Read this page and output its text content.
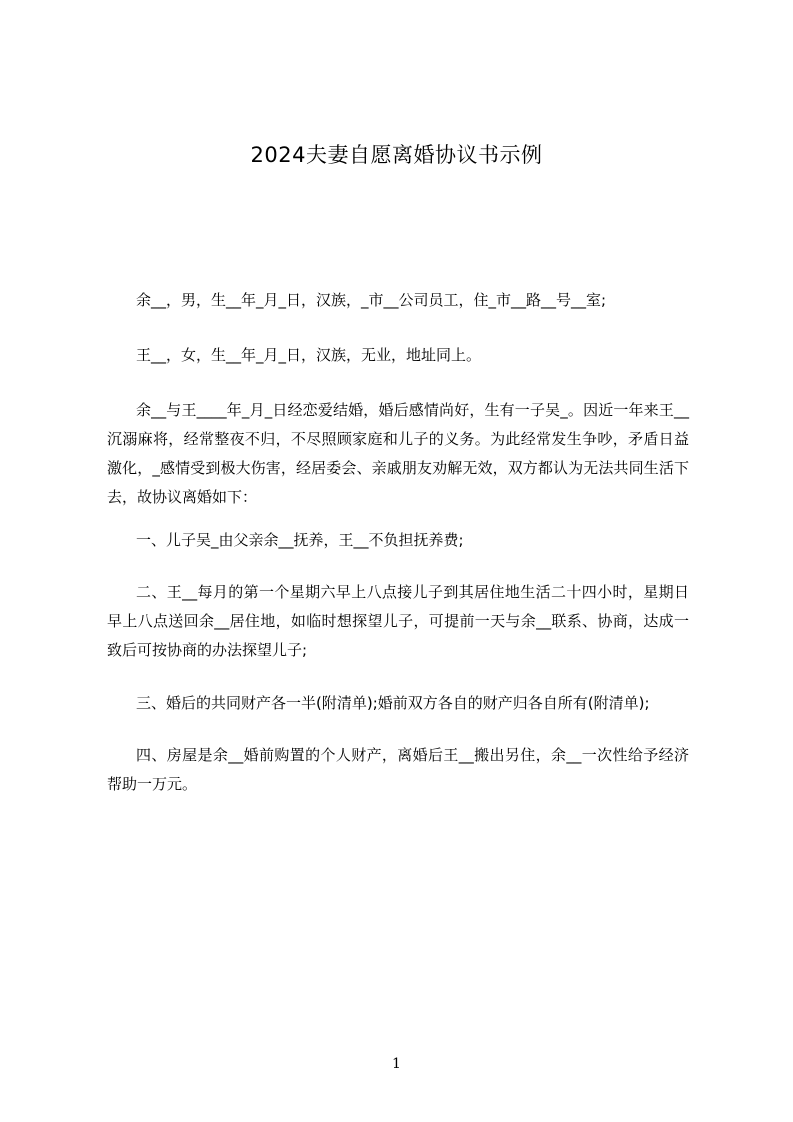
2024夫妻自愿离婚协议书示例

余__，男，生__年_月_日，汉族，_市__公司员工，住_市__路__号__室;

王__，女，生__年_月_日，汉族，无业，地址同上。

余__与王____年_月_日经恋爱结婚，婚后感情尚好，生有一子吴_。因近一年来王__沉溺麻将，经常整夜不归，不尽照顾家庭和儿子的义务。为此经常发生争吵，矛盾日益激化，_感情受到极大伤害，经居委会、亲戚朋友劝解无效，双方都认为无法共同生活下去，故协议离婚如下：
一、儿子吴_由父亲余__抚养，王__不负担抚养费;
二、王__每月的第一个星期六早上八点接儿子到其居住地生活二十四小时，星期日早上八点送回余__居住地，如临时想探望儿子，可提前一天与余__联系、协商，达成一致后可按协商的办法探望儿子;
三、婚后的共同财产各一半(附清单);婚前双方各自的财产归各自所有(附清单);
四、房屋是余__婚前购置的个人财产，离婚后王__搬出另住，余__一次性给予经济帮助一万元。
1
